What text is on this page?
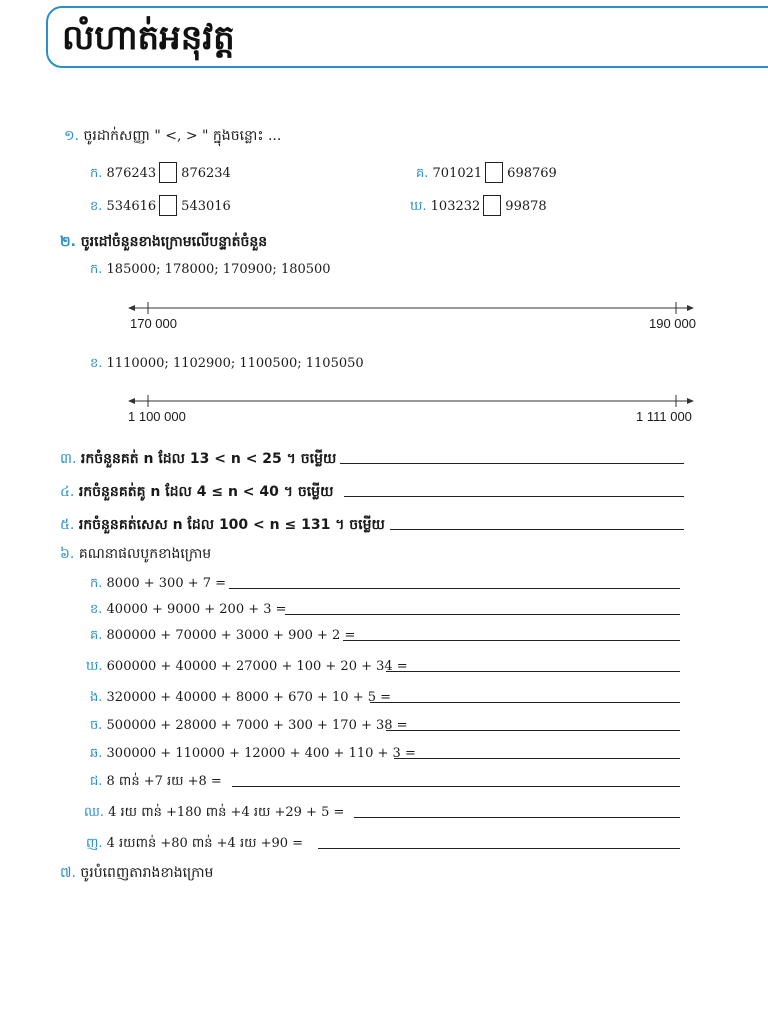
លំហាត់អនុវត្ត
១. ចូរដាក់សញ្ញា " <, > " ក្នុងចន្លោះ ...
ក. 876243 876234	គ. 701021 698769
ខ. 534616 543016	ឃ. 103232 99878
២. ចូរដៅចំនួនខាងក្រោមលើបន្ទាត់ចំនួន
ក. 185000; 178000; 170900; 180500
170 000	190 000
ខ. 1110000; 1102900; 1100500; 1105050
1 100 000	1 111 000
៣. រកចំនួនគត់ n ដែល 13 < n < 25 ។ ចម្លើយ
៤. រកចំនួនគត់គូ n ដែល 4 ≤ n < 40 ។ ចម្លើយ
៥. រកចំនួនគត់សេស n ដែល 100 < n ≤ 131 ។ ចម្លើយ
៦. គណនាផលបូកខាងក្រោម
ក. 8000 + 300 + 7 =
ខ. 40000 + 9000 + 200 + 3 =
គ. 800000 + 70000 + 3000 + 900 + 2 =
ឃ. 600000 + 40000 + 27000 + 100 + 20 + 34 =
ង. 320000 + 40000 + 8000 + 670 + 10 + 5 =
ច. 500000 + 28000 + 7000 + 300 + 170 + 38 =
ឆ. 300000 + 110000 + 12000 + 400 + 110 + 3 =
ជ. 8 ពាន់ +7 រយ +8 =
ឈ. 4 រយ ពាន់ +180 ពាន់ +4 រយ +29 + 5 =
ញ. 4 រយពាន់ +80 ពាន់ +4 រយ +90 =
៧. ចូរបំពេញតារាងខាងក្រោម
